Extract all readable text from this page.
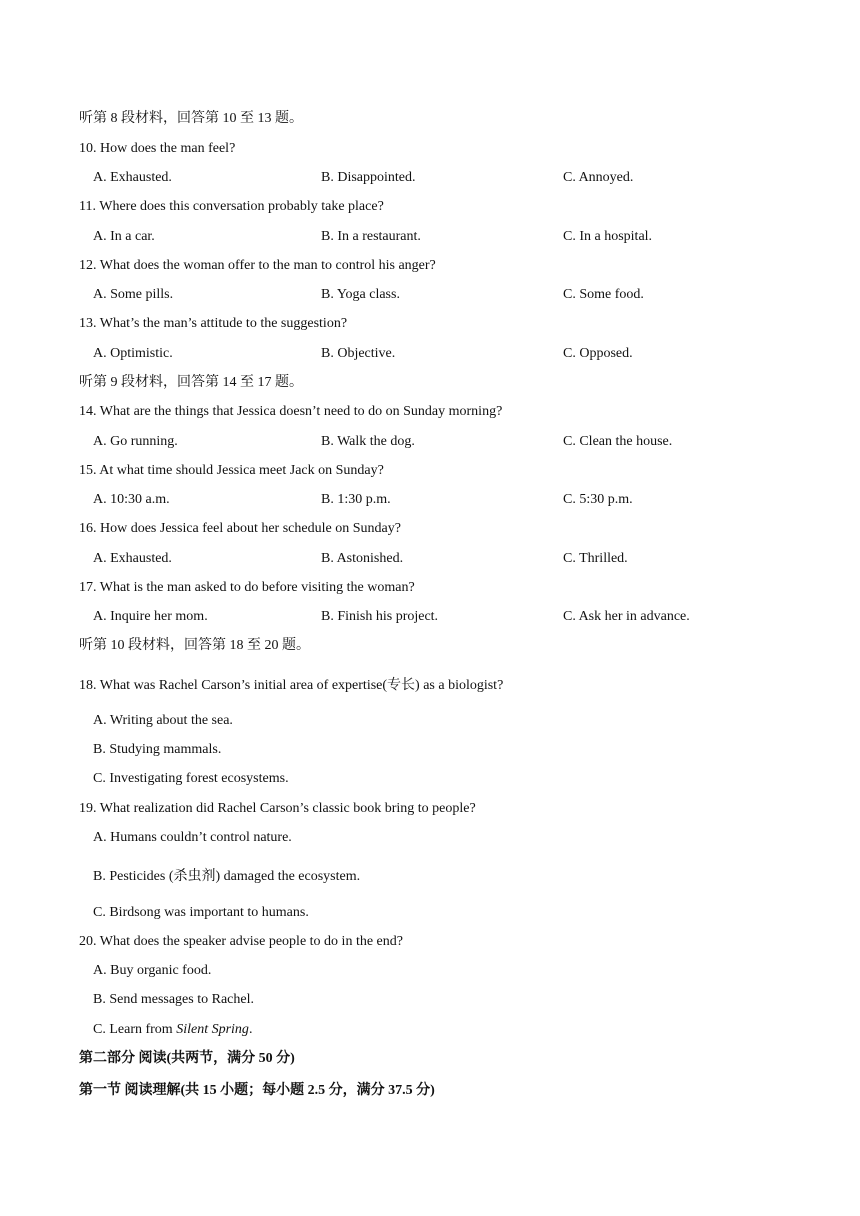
听第 8 段材料，回答第 10 至 13 题。
10. How does the man feel?
A. Exhausted.	B. Disappointed.	C. Annoyed.
11. Where does this conversation probably take place?
A. In a car.	B. In a restaurant.	C. In a hospital.
12. What does the woman offer to the man to control his anger?
A. Some pills.	B. Yoga class.	C. Some food.
13. What’s the man’s attitude to the suggestion?
A. Optimistic.	B. Objective.	C. Opposed.
听第 9 段材料，回答第 14 至 17 题。
14. What are the things that Jessica doesn’t need to do on Sunday morning?
A. Go running.	B. Walk the dog.	C. Clean the house.
15. At what time should Jessica meet Jack on Sunday?
A. 10:30 a.m.	B. 1:30 p.m.	C. 5:30 p.m.
16. How does Jessica feel about her schedule on Sunday?
A. Exhausted.	B. Astonished.	C. Thrilled.
17. What is the man asked to do before visiting the woman?
A. Inquire her mom.	B. Finish his project.	C. Ask her in advance.
听第 10 段材料，回答第 18 至 20 题。
18. What was Rachel Carson’s initial area of expertise(专长) as a biologist?
A. Writing about the sea.
B. Studying mammals.
C. Investigating forest ecosystems.
19. What realization did Rachel Carson’s classic book bring to people?
A. Humans couldn’t control nature.
B. Pesticides (杀虫剂) damaged the ecosystem.
C. Birdsong was important to humans.
20. What does the speaker advise people to do in the end?
A. Buy organic food.
B. Send messages to Rachel.
C. Learn from Silent Spring.
第二部分 阅读(共两节，满分 50 分)
第一节 阅读理解(共 15 小题；每小题 2.5 分，满分 37.5 分)
